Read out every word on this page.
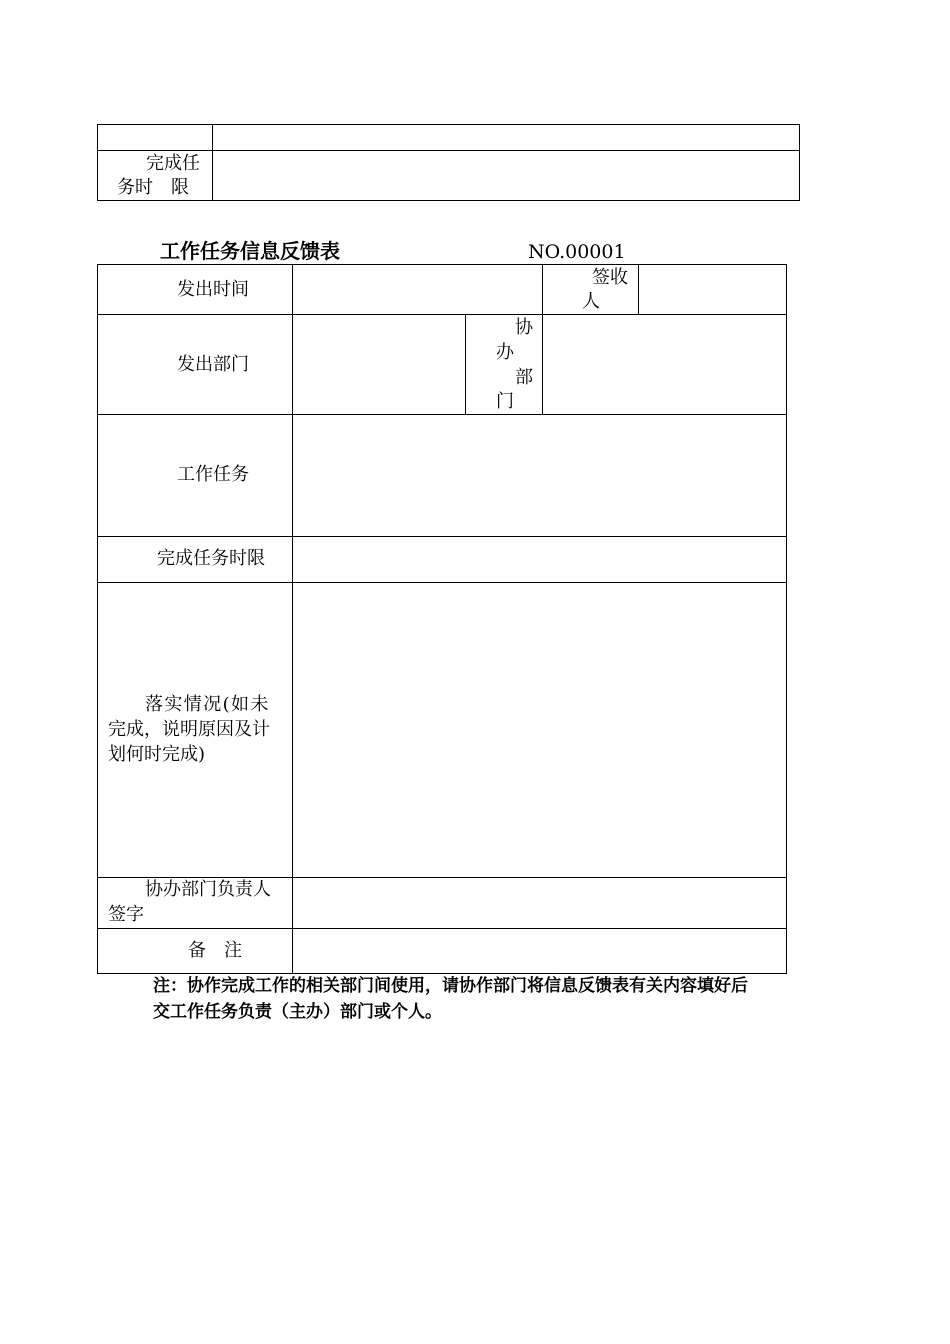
完成任
务时　限
工作任务信息反馈表	NO.00001
发出时间
签收
人
发出部门
协
办
部
门
工作任务
完成任务时限
落实情况(如未
完成，说明原因及计
划何时完成)
协办部门负责人
签字
备　注
注：协作完成工作的相关部门间使用，请协作部门将信息反馈表有关内容填好后
交工作任务负责（主办）部门或个人。
